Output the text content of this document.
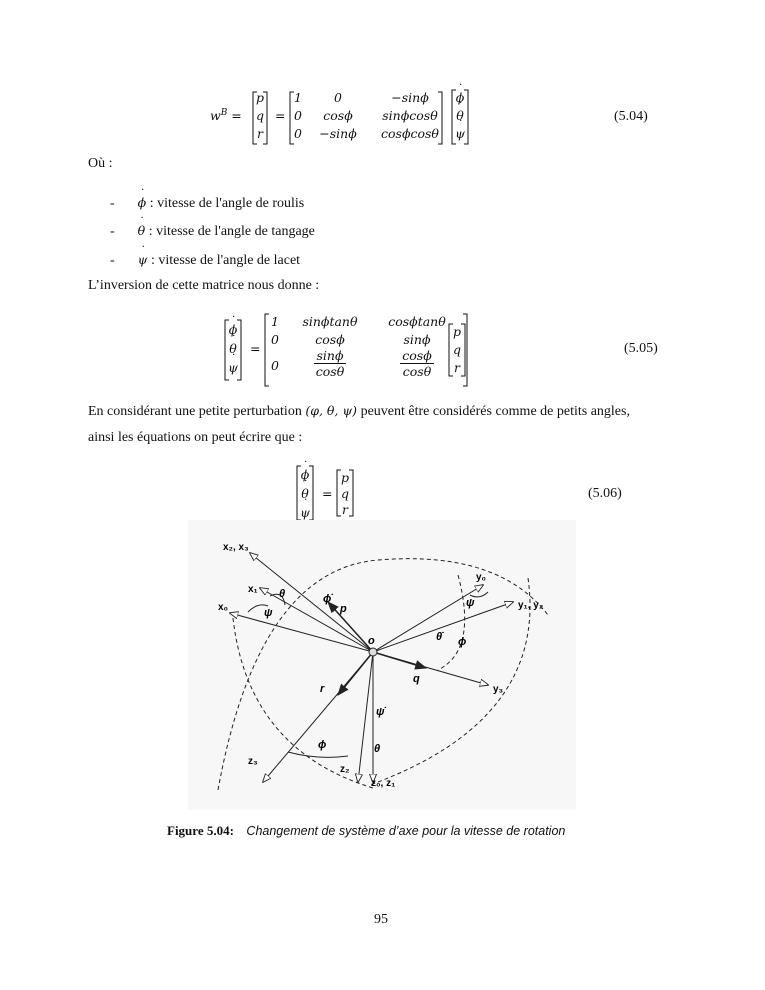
$w^B$ =
p
q
r
=
1	0	−sinϕ
0	cosϕ	sinϕcosθ
0	−sinϕ	cosϕcosθ
ϕ ˙
θ ˙
ψ ˙
(5.04)
Où :
- ϕ ˙ : vitesse de l'angle de roulis
- θ ˙ : vitesse de l'angle de tangage
- ψ ˙ : vitesse de l'angle de lacet
L’inversion de cette matrice nous donne :
ϕ ˙
θ ˙
ψ ˙
=
1	sinϕtanθ	cosϕtanθ
0	cosϕ	sinϕ
0	$\frac{\sin\phi}{\cos\theta}$	$\frac{\cos\phi}{\cos\theta}$
p
q
r
(5.05)
En considérant une petite perturbation (φ, θ, ψ) peuvent être considérés comme de petits angles,
ainsi les équations on peut écrire que :
ϕ ˙
θ ˙
ψ ˙
=
p
q
r
(5.06)
x₂, x₃
x₁
x₀
y₀
y₁, y₂
y₃
z₃
z₂
z₀, z₁
o
p
q
r
θ
ψ
ψ
ϕ	θ
ϕ
ϕ̇
θ̇
ψ̇
Figure 5.04: Changement de système d’axe pour la vitesse de rotation
95
